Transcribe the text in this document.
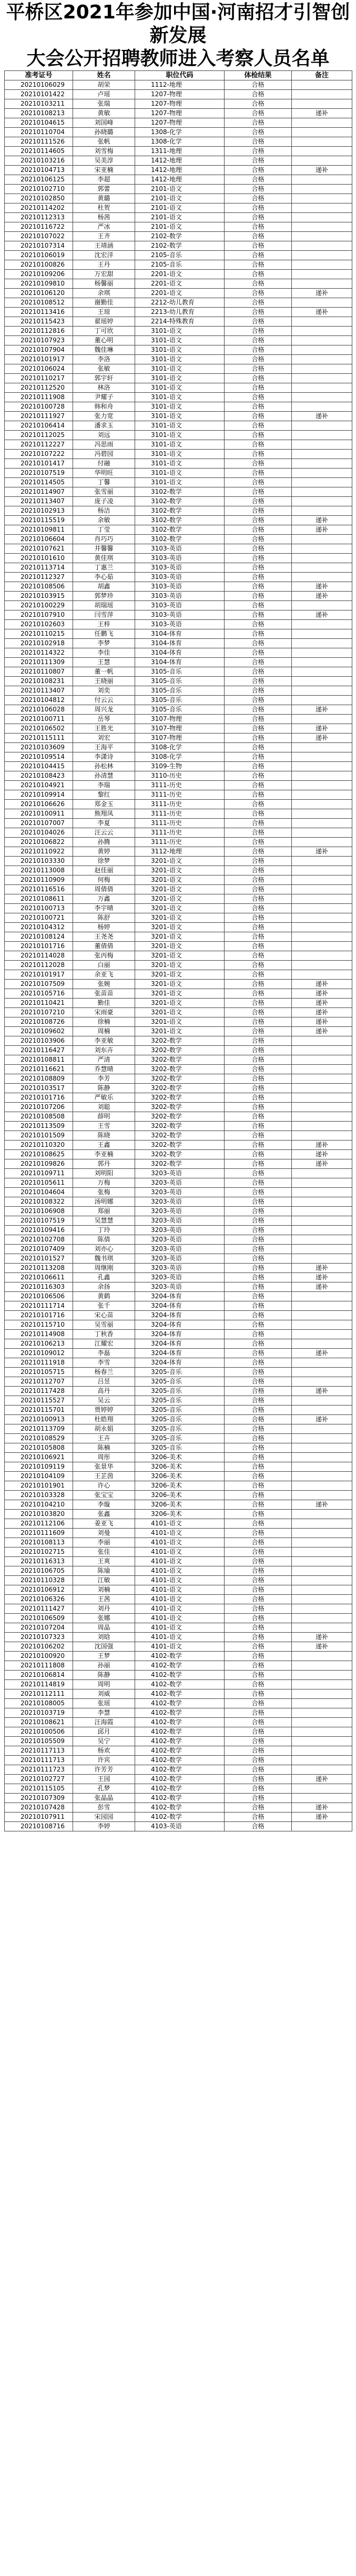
平桥区2021年参加中国·河南招才引智创新发展
大会公开招聘教师进入考察人员名单
准考证号	姓名	职位代码	体检结果	备注
20210106029	胡荣	1112-地理	合格	
20210101422	卢瑶	1207-物理	合格	
20210103211	张瑞	1207-物理	合格	
20210108213	黄敏	1207-物理	合格	递补
20210104615	刘国峰	1207-物理	合格	
20210110704	孙晓璐	1308-化学	合格	
20210111526	张帆	1308-化学	合格	
20210114605	刘雪梅	1311-地理	合格	
20210103216	吴美淳	1412-地理	合格	
20210104713	宋亚楠	1412-地理	合格	递补
20210106125	李超	1412-地理	合格	
20210102710	郭蕾	2101-语文	合格	
20210102850	黄璐	2101-语文	合格	
20210114202	杜贺	2101-语文	合格	
20210112313	杨茜	2101-语文	合格	
20210116722	严冰	2101-语文	合格	
20210107022	王齐	2102-数学	合格	
20210107314	王靖涵	2102-数学	合格	
20210106019	沈宏洋	2105-音乐	合格	
20210100826	王丹	2105-音乐	合格	
20210109206	万宏甜	2201-语文	合格	
20210109810	杨馨丽	2201-语文	合格	
20210106120	余琪	2201-语文	合格	递补
20210108512	谢勤佳	2212-幼儿教育	合格	
20210113416	王琼	2213-幼儿教育	合格	递补
20210115423	翟瑶婷	2214-特殊教育	合格	
20210112816	丁可欣	3101-语文	合格	
20210107923	董心明	3101-语文	合格	
20210107904	魏佳琳	3101-语文	合格	
20210101917	李洛	3101-语文	合格	
20210106024	张敏	3101-语文	合格	
20210110217	郭宇轩	3101-语文	合格	
20210112520	林洛	3101-语文	合格	
20210111908	尹耀子	3101-语文	合格	
20210100728	韩和舟	3101-语文	合格	
20210111927	张力宽	3101-语文	合格	递补
20210106414	潘求玉	3101-语文	合格	
20210112025	刘远	3101-语文	合格	
20210112227	冯思雨	3101-语文	合格	
20210107222	冯碧园	3101-语文	合格	
20210101417	付融	3101-语文	合格	
20210107519	华明旺	3101-语文	合格	
20210114505	丁馨	3101-语文	合格	
20210114907	张雪丽	3102-数学	合格	
20210113407	庞子凌	3102-数学	合格	
20210102913	杨洁	3102-数学	合格	
20210115519	余敏	3102-数学	合格	递补
20210109811	丁莹	3102-数学	合格	递补
20210106604	肖巧巧	3102-数学	合格	
20210107621	井馨馨	3103-英语	合格	
20210101610	黄佳琪	3103-英语	合格	
20210113714	丁惠兰	3103-英语	合格	
20210112327	李心茹	3103-英语	合格	
20210108506	胡鑫	3103-英语	合格	递补
20210103915	郭梦珍	3103-英语	合格	递补
20210100229	胡瑞瑶	3103-英语	合格	
20210107910	闫雪萍	3103-英语	合格	递补
20210102603	王梓	3103-英语	合格	
20210110215	任鹏飞	3104-体育	合格	
20210102918	李梦	3104-体育	合格	
20210114322	李佳	3104-体育	合格	
20210111309	王慧	3104-体育	合格	
20210110807	董一帆	3105-音乐	合格	
20210108231	王晓丽	3105-音乐	合格	
20210113407	刘奕	3105-音乐	合格	
20210104812	付云云	3105-音乐	合格	
20210106028	周兴龙	3105-音乐	合格	递补
20210100711	岳琴	3107-物理	合格	
20210106502	王胜光	3107-物理	合格	递补
20210115111	刘宏	3107-物理	合格	递补
20210103609	王海平	3108-化学	合格	
20210109514	李潇诗	3108-化学	合格	
20210104415	孙松林	3109-生物	合格	
20210108423	孙清慧	3110-历史	合格	
20210104921	李瑞	3111-历史	合格	
20210109914	黎红	3111-历史	合格	
20210106626	郑金玉	3111-历史	合格	
20210100911	熊翔凤	3111-历史	合格	
20210107007	李夏	3111-历史	合格	
20210104026	汪云云	3111-历史	合格	
20210106822	孙腾	3111-历史	合格	
20210110922	黄婷	3112-地理	合格	递补
20210103330	徐梦	3201-语文	合格	
20210113008	赵佳丽	3201-语文	合格	
20210110909	何梅	3201-语文	合格	
20210116516	周倩倩	3201-语文	合格	
20210108611	万鑫	3201-语文	合格	
20210100713	李宇晴	3201-语文	合格	
20210100721	陈舒	3201-语文	合格	
20210104312	杨婷	3201-语文	合格	
20210108124	王尧尧	3201-语文	合格	
20210101716	董倩倩	3201-语文	合格	
20210114028	张丙梅	3201-语文	合格	
20210112028	白丽	3201-语文	合格	
20210101917	余亚飞	3201-语文	合格	
20210107509	张婉	3201-语文	合格	递补
20210105716	张苗苗	3201-语文	合格	递补
20210110421	勤佳	3201-语文	合格	递补
20210107210	宋雨豪	3201-语文	合格	递补
20210108726	徐楠	3201-语文	合格	递补
20210109602	周楠	3201-语文	合格	递补
20210103906	李亚敏	3202-数学	合格	
20210116427	刘东卉	3202-数学	合格	
20210108811	严清	3202-数学	合格	
20210116621	乔慧晴	3202-数学	合格	
20210108809	李芳	3202-数学	合格	
20210103517	陈静	3202-数学	合格	
20210101716	严敏乐	3202-数学	合格	
20210107206	刘聪	3202-数学	合格	
20210108508	薛明	3202-数学	合格	
20210113509	王雪	3202-数学	合格	
20210101509	陈晓	3202-数学	合格	
20210110320	王鑫	3202-数学	合格	递补
20210108625	李亚楠	3202-数学	合格	递补
20210109826	郭丹	3202-数学	合格	递补
20210109711	刘明阳	3203-英语	合格	
20210105611	万梅	3203-英语	合格	
20210104604	张梅	3203-英语	合格	
20210108322	汤明娜	3203-英语	合格	
20210106908	郑丽	3203-英语	合格	
20210107519	吴慧慧	3203-英语	合格	
20210109416	丁玲	3203-英语	合格	
20210102708	陈倩	3203-英语	合格	
20210107409	刘亦心	3203-英语	合格	
20210101527	魏书琪	3203-英语	合格	
20210113208	周继刚	3203-英语	合格	递补
20210106611	孔鑫	3203-英语	合格	递补
20210116303	余扬	3203-英语	合格	递补
20210106506	黄鹤	3204-体育	合格	
20210111714	张千	3204-体育	合格	
20210101716	宋心苗	3204-体育	合格	
20210115710	吴雪丽	3204-体育	合格	
20210114908	丁秋香	3204-体育	合格	
20210106213	江耀宏	3204-体育	合格	
20210109012	李磊	3204-体育	合格	递补
20210111918	李雪	3204-体育	合格	
20210105715	杨春兰	3205-音乐	合格	
20210112707	吕昱	3205-音乐	合格	
20210117428	高丹	3205-音乐	合格	递补
20210115527	吴云	3205-音乐	合格	
20210115701	贾婷婷	3205-音乐	合格	
20210100913	杜皓翔	3205-音乐	合格	递补
20210113709	胡永娟	3205-音乐	合格	
20210108529	王卉	3205-音乐	合格	
20210105808	陈楠	3205-音乐	合格	
20210106921	周彤	3206-美术	合格	
20210109119	张景华	3206-美术	合格	
20210104109	王芷茵	3206-美术	合格	
20210101901	许心	3206-美术	合格	
20210103328	张宝宝	3206-美术	合格	
20210104210	李璇	3206-美术	合格	递补
20210103820	张鑫	3206-美术	合格	
20210112106	姜亚飞	4101-语文	合格	
20210111609	刘曼	4101-语文	合格	
20210108113	李丽	4101-语文	合格	
20210102715	张佳	4101-语文	合格	
20210116313	王爽	4101-语文	合格	
20210106705	陈瑜	4101-语文	合格	
20210110328	江敏	4101-语文	合格	
20210106912	刘楠	4101-语文	合格	
20210106326	王茜	4101-语文	合格	
20210111427	刘丹	4101-语文	合格	
20210106509	张娜	4101-语文	合格	
20210107204	周晶	4101-语文	合格	
20210107323	刘晗	4101-语文	合格	递补
20210106202	沈国强	4101-语文	合格	递补
20210100920	王梦	4102-数学	合格	
20210111808	孙丽	4102-数学	合格	
20210106814	陈静	4102-数学	合格	
20210114819	周明	4102-数学	合格	
20210112111	刘威	4102-数学	合格	
20210108005	张瑶	4102-数学	合格	
20210103719	李慧	4102-数学	合格	
20210108621	汪海霞	4102-数学	合格	
20210100506	邱月	4102-数学	合格	
20210105509	吴宁	4102-数学	合格	
20210117113	杨欢	4102-数学	合格	
20210111713	许宾	4102-数学	合格	
20210111723	许芳芳	4102-数学	合格	
20210102727	王园	4102-数学	合格	递补
20210115105	孔梦	4102-数学	合格	
20210107309	张晶晶	4102-数学	合格	
20210107428	彭雪	4102-数学	合格	递补
20210107911	宋园园	4102-数学	合格	递补
20210108716	李婷	4103-英语	合格	
